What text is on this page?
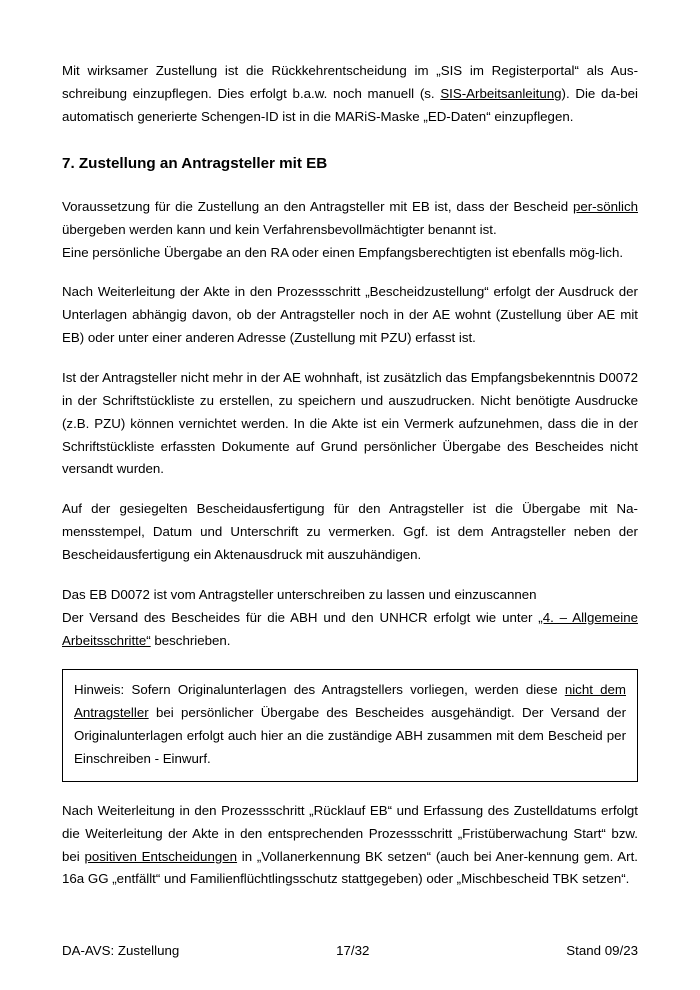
Mit wirksamer Zustellung ist die Rückkehrentscheidung im „SIS im Registerportal“ als Aus-schreibung einzupflegen. Dies erfolgt b.a.w. noch manuell (s. SIS-Arbeitsanleitung). Die da-bei automatisch generierte Schengen-ID ist in die MARiS-Maske „ED-Daten“ einzupflegen.

7. Zustellung an Antragsteller mit EB

Voraussetzung für die Zustellung an den Antragsteller mit EB ist, dass der Bescheid per-sönlich übergeben werden kann und kein Verfahrensbevollmächtigter benannt ist.

Eine persönliche Übergabe an den RA oder einen Empfangsberechtigten ist ebenfalls mög-lich.

Nach Weiterleitung der Akte in den Prozessschritt „Bescheidzustellung“ erfolgt der Ausdruck der Unterlagen abhängig davon, ob der Antragsteller noch in der AE wohnt (Zustellung über AE mit EB) oder unter einer anderen Adresse (Zustellung mit PZU) erfasst ist.

Ist der Antragsteller nicht mehr in der AE wohnhaft, ist zusätzlich das Empfangsbekenntnis D0072 in der Schriftstückliste zu erstellen, zu speichern und auszudrucken. Nicht benötigte Ausdrucke (z.B. PZU) können vernichtet werden. In die Akte ist ein Vermerk aufzunehmen, dass die in der Schriftstückliste erfassten Dokumente auf Grund persönlicher Übergabe des Bescheides nicht versandt wurden.

Auf der gesiegelten Bescheidausfertigung für den Antragsteller ist die Übergabe mit Na-mensstempel, Datum und Unterschrift zu vermerken. Ggf. ist dem Antragsteller neben der Bescheidausfertigung ein Aktenausdruck mit auszuhändigen.

Das EB D0072 ist vom Antragsteller unterschreiben zu lassen und einzuscannen

Der Versand des Bescheides für die ABH und den UNHCR erfolgt wie unter „4. – Allgemeine Arbeitsschritte“ beschrieben.

Hinweis: Sofern Originalunterlagen des Antragstellers vorliegen, werden diese nicht dem Antragsteller bei persönlicher Übergabe des Bescheides ausgehändigt. Der Versand der Originalunterlagen erfolgt auch hier an die zuständige ABH zusammen mit dem Bescheid per Einschreiben - Einwurf.

Nach Weiterleitung in den Prozessschritt „Rücklauf EB“ und Erfassung des Zustelldatums erfolgt die Weiterleitung der Akte in den entsprechenden Prozessschritt „Fristüberwachung Start“ bzw. bei positiven Entscheidungen in „Vollanerkennung BK setzen“ (auch bei Aner-kennung gem. Art. 16a GG „entfällt“ und Familienflüchtlingsschutz stattgegeben) oder „Mischbescheid TBK setzen“.

DA-AVS: Zustellung	17/32	Stand 09/23
